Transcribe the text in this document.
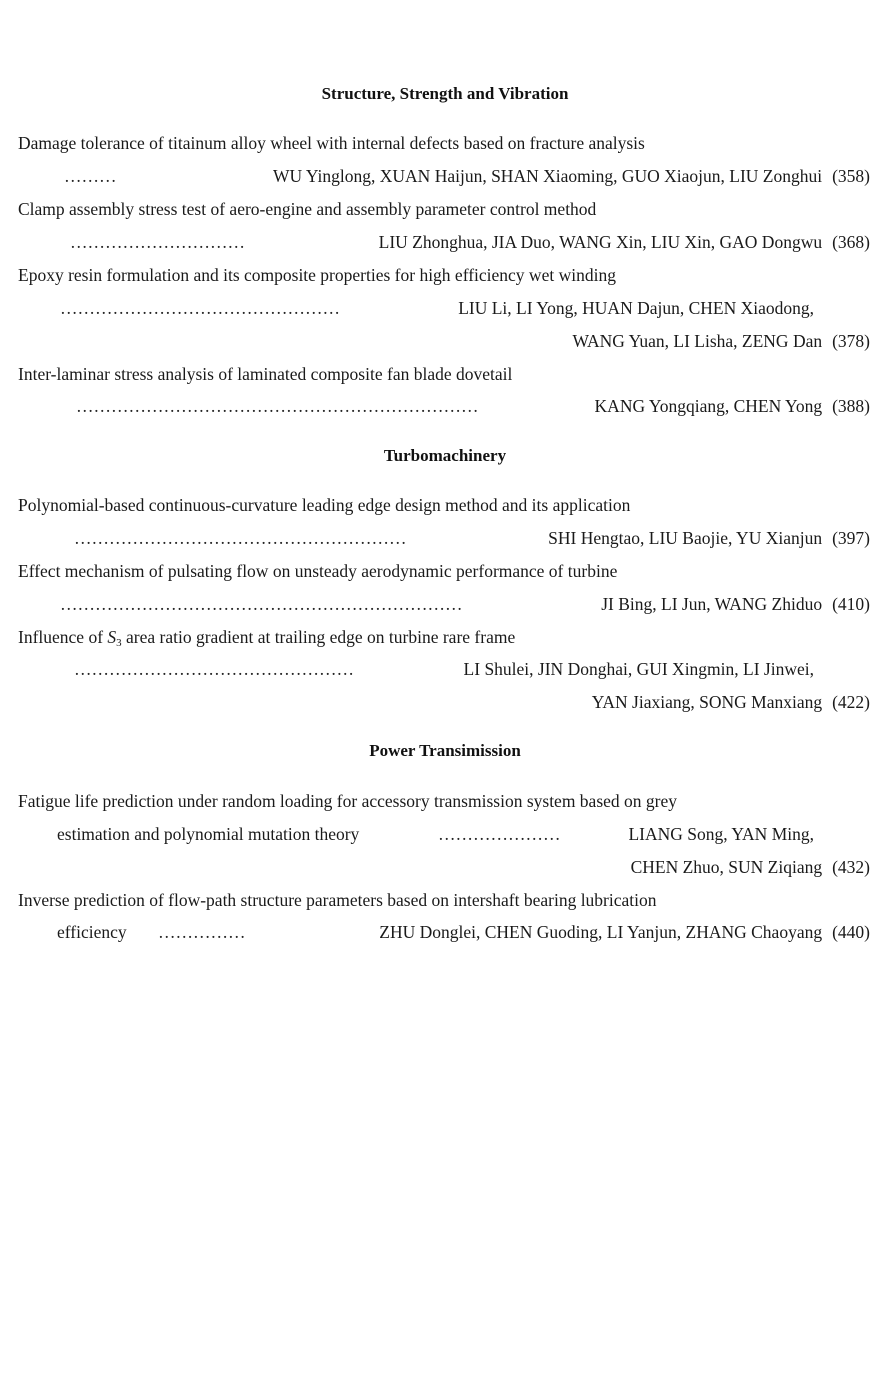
Structure, Strength and Vibration
Damage tolerance of titainum alloy wheel with internal defects based on fracture analysis
………	WU Yinglong, XUAN Haijun, SHAN Xiaoming, GUO Xiaojun, LIU Zonghui (358)
Clamp assembly stress test of aero-engine and assembly parameter control method
…………………………	LIU Zhonghua, JIA Duo, WANG Xin, LIU Xin, GAO Dongwu (368)
Epoxy resin formulation and its composite properties for high efficiency wet winding
…………………………………………	LIU Li, LI Yong, HUAN Dajun, CHEN Xiaodong,
WANG Yuan, LI Lisha, ZENG Dan (378)
Inter-laminar stress analysis of laminated composite fan blade dovetail
……………………………………………………………	KANG Yongqiang, CHEN Yong (388)
Turbomachinery
Polynomial-based continuous-curvature leading edge design method and its application
…………………………………………………	SHI Hengtao, LIU Baojie, YU Xianjun (397)
Effect mechanism of pulsating flow on unsteady aerodynamic performance of turbine
……………………………………………………………	JI Bing, LI Jun, WANG Zhiduo (410)
Influence of $S_3$ area ratio gradient at trailing edge on turbine rare frame
…………………………………………	LI Shulei, JIN Donghai, GUI Xingmin, LI Jinwei,
YAN Jiaxiang, SONG Manxiang (422)
Power Transimission
Fatigue life prediction under random loading for accessory transmission system based on grey
estimation and polynomial mutation theory	…………………	LIANG Song, YAN Ming,
CHEN Zhuo, SUN Ziqiang (432)
Inverse prediction of flow-path structure parameters based on intershaft bearing lubrication
efficiency ……………	ZHU Donglei, CHEN Guoding, LI Yanjun, ZHANG Chaoyang (440)
